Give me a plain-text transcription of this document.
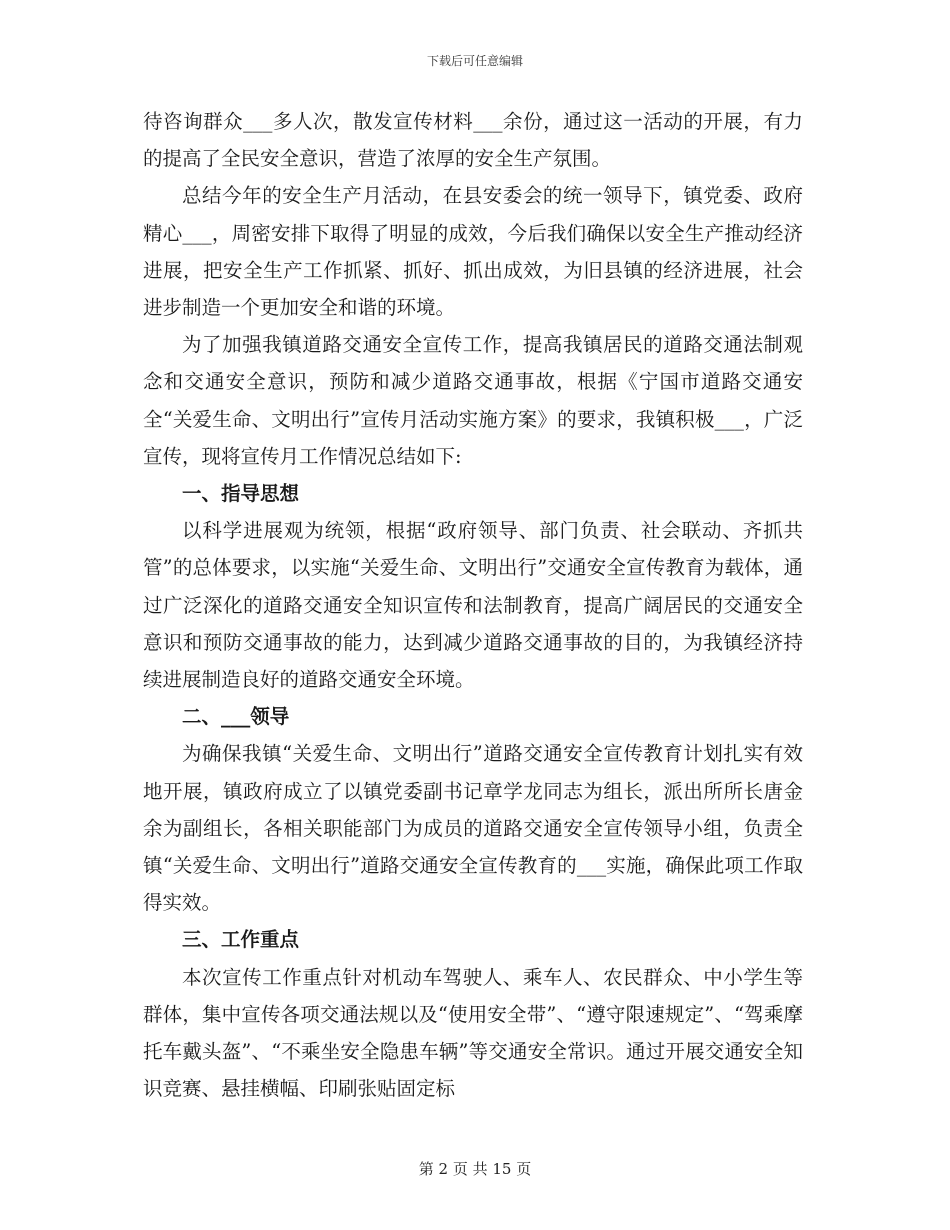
下载后可任意编辑

待咨询群众___多人次，散发宣传材料___余份，通过这一活动的开展，有力的提高了全民安全意识，营造了浓厚的安全生产氛围。

总结今年的安全生产月活动，在县安委会的统一领导下，镇党委、政府精心___，周密安排下取得了明显的成效，今后我们确保以安全生产推动经济进展，把安全生产工作抓紧、抓好、抓出成效，为旧县镇的经济进展，社会进步制造一个更加安全和谐的环境。

为了加强我镇道路交通安全宣传工作，提高我镇居民的道路交通法制观念和交通安全意识，预防和减少道路交通事故，根据《宁国市道路交通安全“关爱生命、文明出行”宣传月活动实施方案》的要求，我镇积极___，广泛宣传，现将宣传月工作情况总结如下:

一、指导思想

以科学进展观为统领，根据“政府领导、部门负责、社会联动、齐抓共管”的总体要求，以实施“关爱生命、文明出行”交通安全宣传教育为载体，通过广泛深化的道路交通安全知识宣传和法制教育，提高广阔居民的交通安全意识和预防交通事故的能力，达到减少道路交通事故的目的，为我镇经济持续进展制造良好的道路交通安全环境。

二、___领导

为确保我镇“关爱生命、文明出行”道路交通安全宣传教育计划扎实有效地开展，镇政府成立了以镇党委副书记章学龙同志为组长，派出所所长唐金余为副组长，各相关职能部门为成员的道路交通安全宣传领导小组，负责全镇“关爱生命、文明出行”道路交通安全宣传教育的___实施，确保此项工作取得实效。

三、工作重点

本次宣传工作重点针对机动车驾驶人、乘车人、农民群众、中小学生等群体，集中宣传各项交通法规以及“使用安全带”、“遵守限速规定”、“驾乘摩托车戴头盔”、“不乘坐安全隐患车辆”等交通安全常识。通过开展交通安全知识竞赛、悬挂横幅、印刷张贴固定标

第 2 页 共 15 页
